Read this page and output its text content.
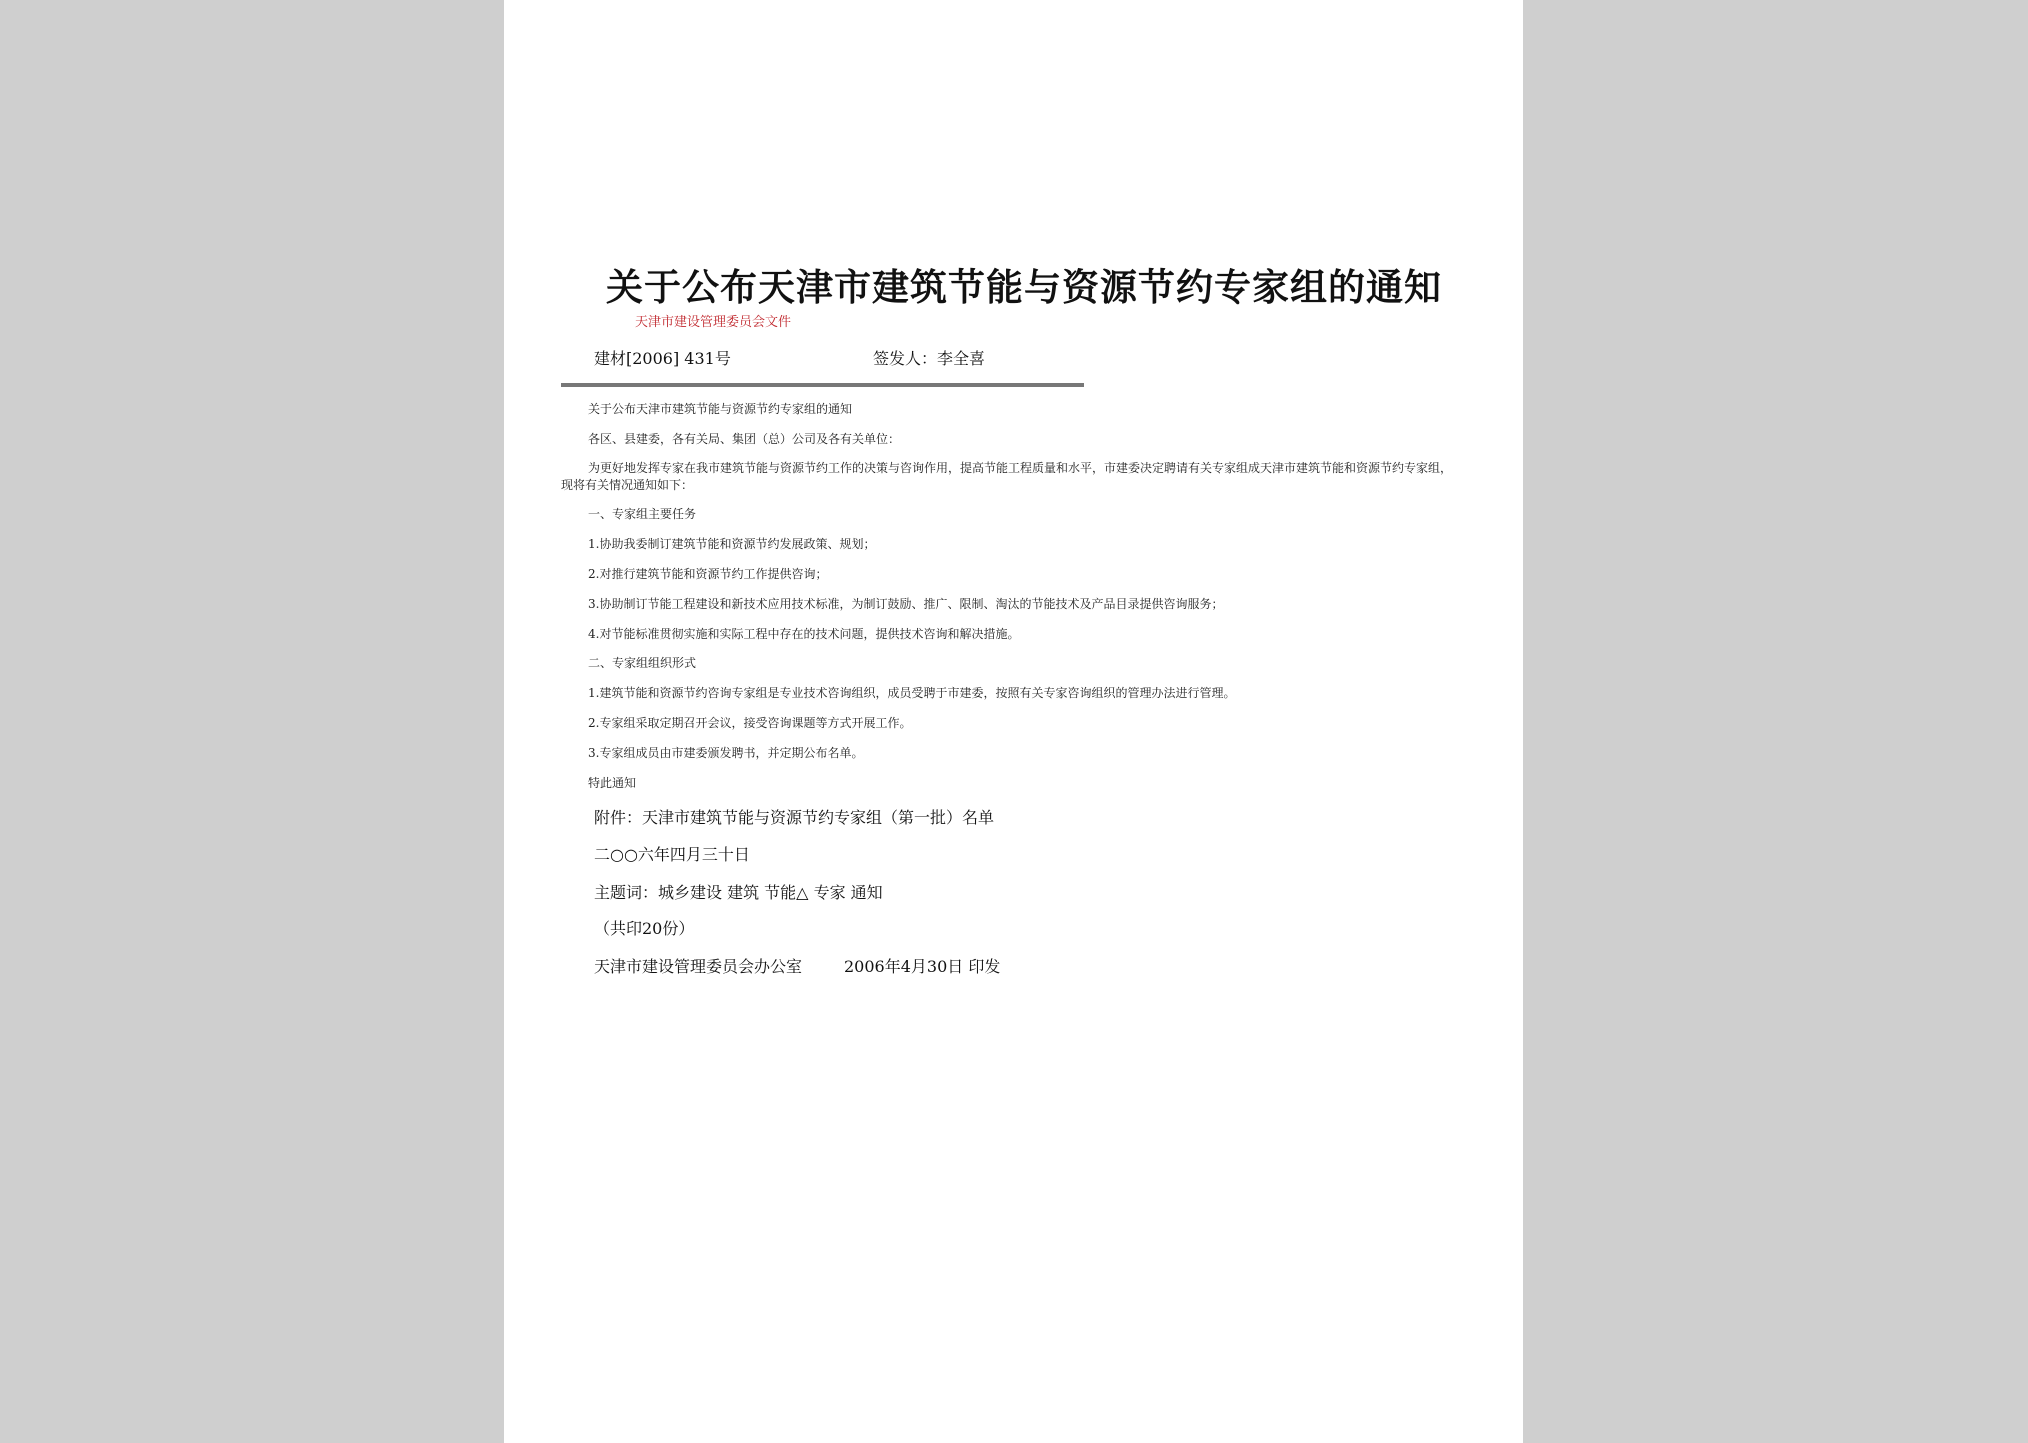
关于公布天津市建筑节能与资源节约专家组的通知
天津市建设管理委员会文件
建材[2006] 431号	签发人：李全喜
关于公布天津市建筑节能与资源节约专家组的通知
各区、县建委，各有关局、集团（总）公司及各有关单位：
为更好地发挥专家在我市建筑节能与资源节约工作的决策与咨询作用，提高节能工程质量和水平，市建委决定聘请有关专家组成天津市建筑节能和资源节约专家组，现将有关情况通知如下：
一、专家组主要任务
1.协助我委制订建筑节能和资源节约发展政策、规划；
2.对推行建筑节能和资源节约工作提供咨询；
3.协助制订节能工程建设和新技术应用技术标准，为制订鼓励、推广、限制、淘汰的节能技术及产品目录提供咨询服务；
4.对节能标准贯彻实施和实际工程中存在的技术问题，提供技术咨询和解决措施。
二、专家组组织形式
1.建筑节能和资源节约咨询专家组是专业技术咨询组织，成员受聘于市建委，按照有关专家咨询组织的管理办法进行管理。
2.专家组采取定期召开会议，接受咨询课题等方式开展工作。
3.专家组成员由市建委颁发聘书，并定期公布名单。
特此通知
附件：天津市建筑节能与资源节约专家组（第一批）名单
二○○六年四月三十日
主题词：城乡建设 建筑 节能△ 专家 通知
（共印20份）
天津市建设管理委员会办公室	2006年4月30日 印发
